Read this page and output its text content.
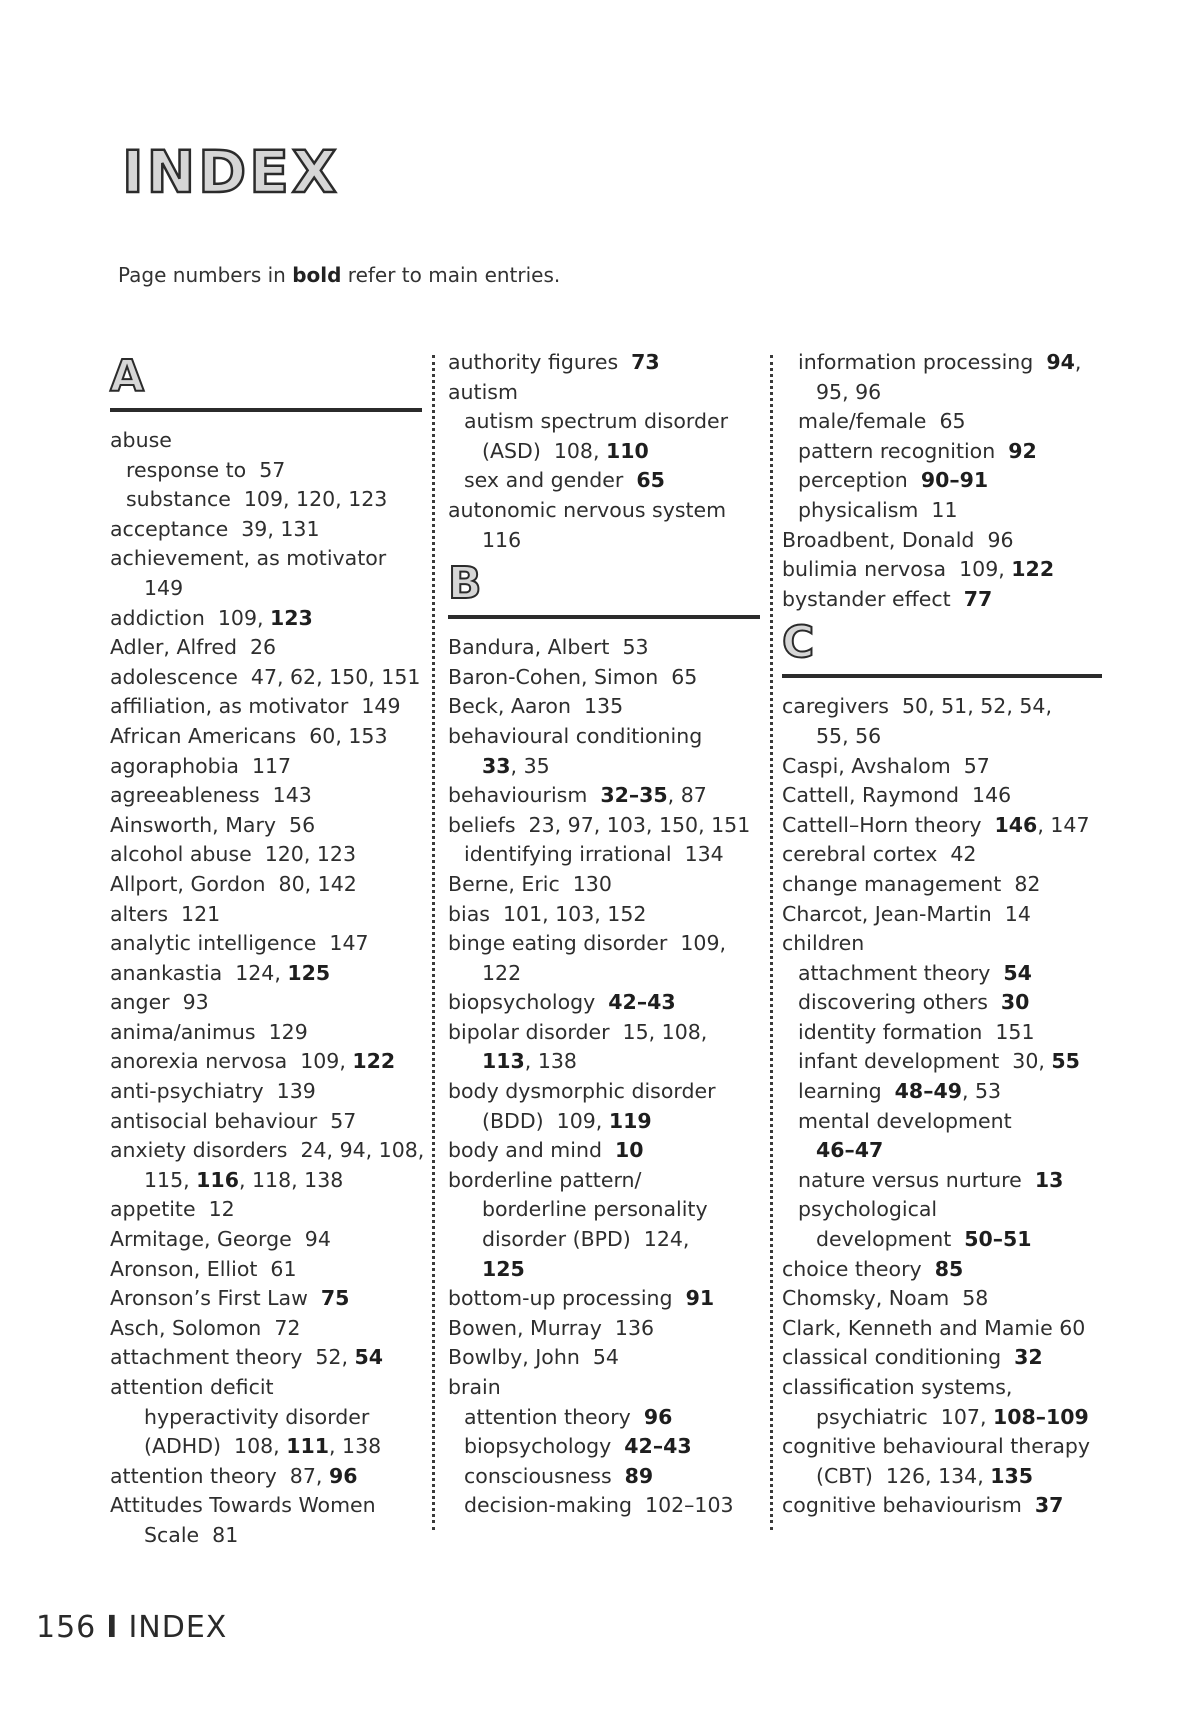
INDEX
Page numbers in bold refer to main entries.
A
abuse
response to  57
substance  109, 120, 123
acceptance  39, 131
achievement, as motivator
149
addiction  109, 123
Adler, Alfred  26
adolescence  47, 62, 150, 151
affiliation, as motivator  149
African Americans  60, 153
agoraphobia  117
agreeableness  143
Ainsworth, Mary  56
alcohol abuse  120, 123
Allport, Gordon  80, 142
alters  121
analytic intelligence  147
anankastia  124, 125
anger  93
anima/animus  129
anorexia nervosa  109, 122
anti-psychiatry  139
antisocial behaviour  57
anxiety disorders  24, 94, 108,
115, 116, 118, 138
appetite  12
Armitage, George  94
Aronson, Elliot  61
Aronson’s First Law  75
Asch, Solomon  72
attachment theory  52, 54
attention deficit
hyperactivity disorder
(ADHD)  108, 111, 138
attention theory  87, 96
Attitudes Towards Women
Scale  81
authority figures  73
autism
autism spectrum disorder
(ASD)  108, 110
sex and gender  65
autonomic nervous system
116
B
Bandura, Albert  53
Baron-Cohen, Simon  65
Beck, Aaron  135
behavioural conditioning
33, 35
behaviourism  32–35, 87
beliefs  23, 97, 103, 150, 151
identifying irrational  134
Berne, Eric  130
bias  101, 103, 152
binge eating disorder  109,
122
biopsychology  42–43
bipolar disorder  15, 108,
113, 138
body dysmorphic disorder
(BDD)  109, 119
body and mind  10
borderline pattern/
borderline personality
disorder (BPD)  124,
125
bottom-up processing  91
Bowen, Murray  136
Bowlby, John  54
brain
attention theory  96
biopsychology  42–43
consciousness  89
decision-making  102–103
information processing  94,
95, 96
male/female  65
pattern recognition  92
perception  90–91
physicalism  11
Broadbent, Donald  96
bulimia nervosa  109, 122
bystander effect  77
C
caregivers  50, 51, 52, 54,
55, 56
Caspi, Avshalom  57
Cattell, Raymond  146
Cattell–Horn theory  146, 147
cerebral cortex  42
change management  82
Charcot, Jean-Martin  14
children
attachment theory  54
discovering others  30
identity formation  151
infant development  30, 55
learning  48–49, 53
mental development
46–47
nature versus nurture  13
psychological
development  50–51
choice theory  85
Chomsky, Noam  58
Clark, Kenneth and Mamie 60
classical conditioning  32
classification systems,
psychiatric  107, 108–109
cognitive behavioural therapy
(CBT)  126, 134, 135
cognitive behaviourism  37
156 I INDEX
